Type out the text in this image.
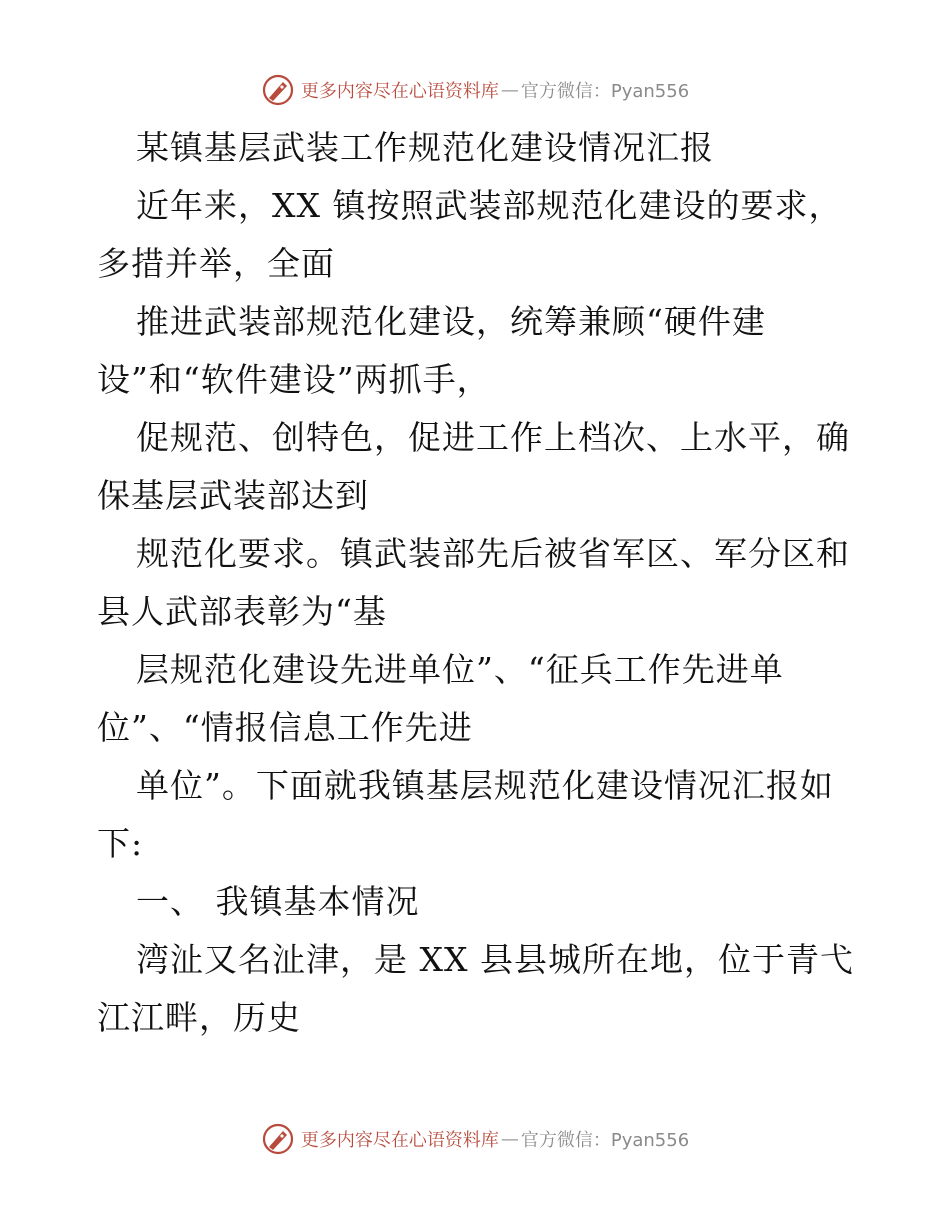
更多内容尽在心语资料库 — 官方微信：Pyan556

某镇基层武装工作规范化建设情况汇报

近年来，XX 镇按照武装部规范化建设的要求，

多措并举，全面

推进武装部规范化建设，统筹兼顾“硬件建

设”和“软件建设”两抓手，

促规范、创特色，促进工作上档次、上水平，确

保基层武装部达到

规范化要求。镇武装部先后被省军区、军分区和

县人武部表彰为“基

层规范化建设先进单位”、“征兵工作先进单

位”、“情报信息工作先进

单位”。下面就我镇基层规范化建设情况汇报如

下:

一、 我镇基本情况

湾沚又名沚津，是 XX 县县城所在地，位于青弋

江江畔，历史

更多内容尽在心语资料库 — 官方微信：Pyan556
